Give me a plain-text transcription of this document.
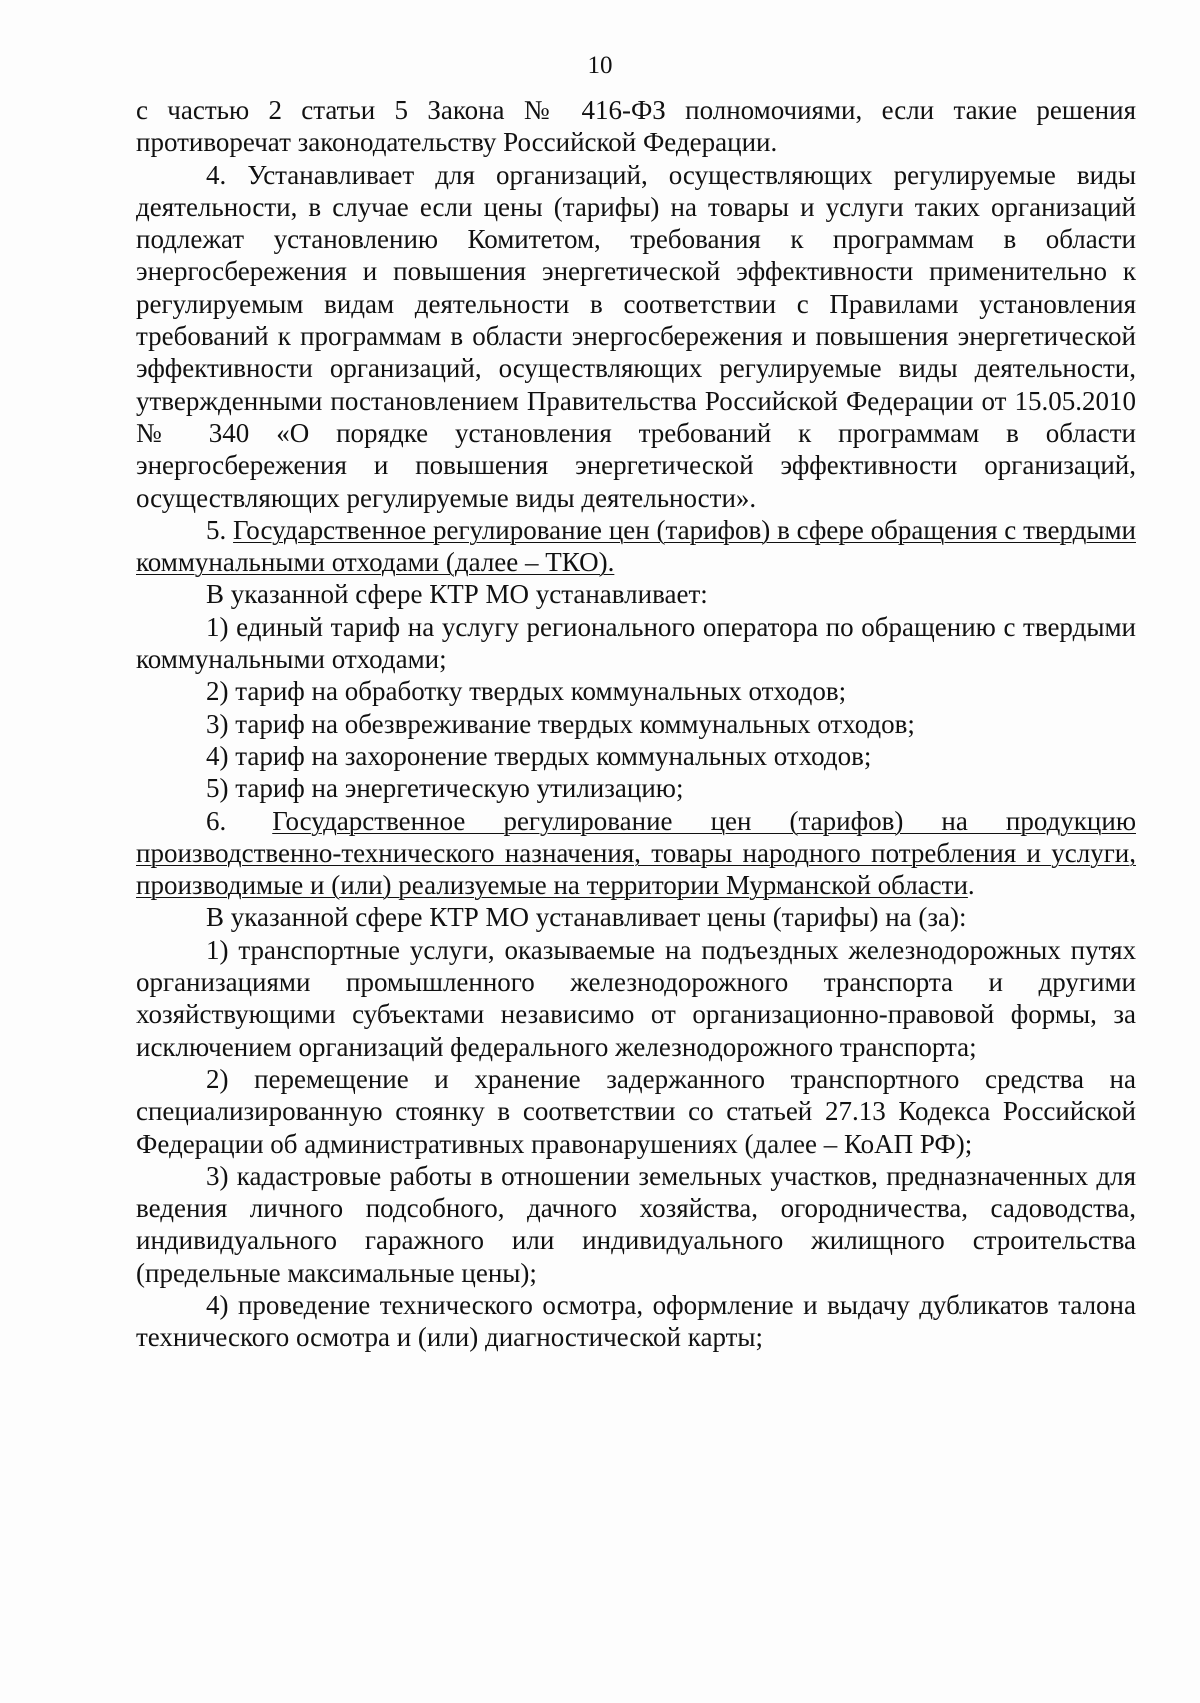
10

с частью 2 статьи 5 Закона № 416-ФЗ полномочиями, если такие решения противоречат законодательству Российской Федерации.

4. Устанавливает для организаций, осуществляющих регулируемые виды деятельности, в случае если цены (тарифы) на товары и услуги таких организаций подлежат установлению Комитетом, требования к программам в области энергосбережения и повышения энергетической эффективности применительно к регулируемым видам деятельности в соответствии с Правилами установления требований к программам в области энергосбережения и повышения энергетической эффективности организаций, осуществляющих регулируемые виды деятельности, утвержденными постановлением Правительства Российской Федерации от 15.05.2010 № 340 «О порядке установления требований к программам в области энергосбережения и повышения энергетической эффективности организаций, осуществляющих регулируемые виды деятельности».

5. Государственное регулирование цен (тарифов) в сфере обращения с твердыми коммунальными отходами (далее – ТКО).

В указанной сфере КТР МО устанавливает:

1) единый тариф на услугу регионального оператора по обращению с твердыми коммунальными отходами;

2) тариф на обработку твердых коммунальных отходов;

3) тариф на обезвреживание твердых коммунальных отходов;

4) тариф на захоронение твердых коммунальных отходов;

5) тариф на энергетическую утилизацию;

6. Государственное регулирование цен (тарифов) на продукцию производственно-технического назначения, товары народного потребления и услуги, производимые и (или) реализуемые на территории Мурманской области.

В указанной сфере КТР МО устанавливает цены (тарифы) на (за):

1) транспортные услуги, оказываемые на подъездных железнодорожных путях организациями промышленного железнодорожного транспорта и другими хозяйствующими субъектами независимо от организационно-правовой формы, за исключением организаций федерального железнодорожного транспорта;

2) перемещение и хранение задержанного транспортного средства на специализированную стоянку в соответствии со статьей 27.13 Кодекса Российской Федерации об административных правонарушениях (далее – КоАП РФ);

3) кадастровые работы в отношении земельных участков, предназначенных для ведения личного подсобного, дачного хозяйства, огородничества, садоводства, индивидуального гаражного или индивидуального жилищного строительства (предельные максимальные цены);

4) проведение технического осмотра, оформление и выдачу дубликатов талона технического осмотра и (или) диагностической карты;
